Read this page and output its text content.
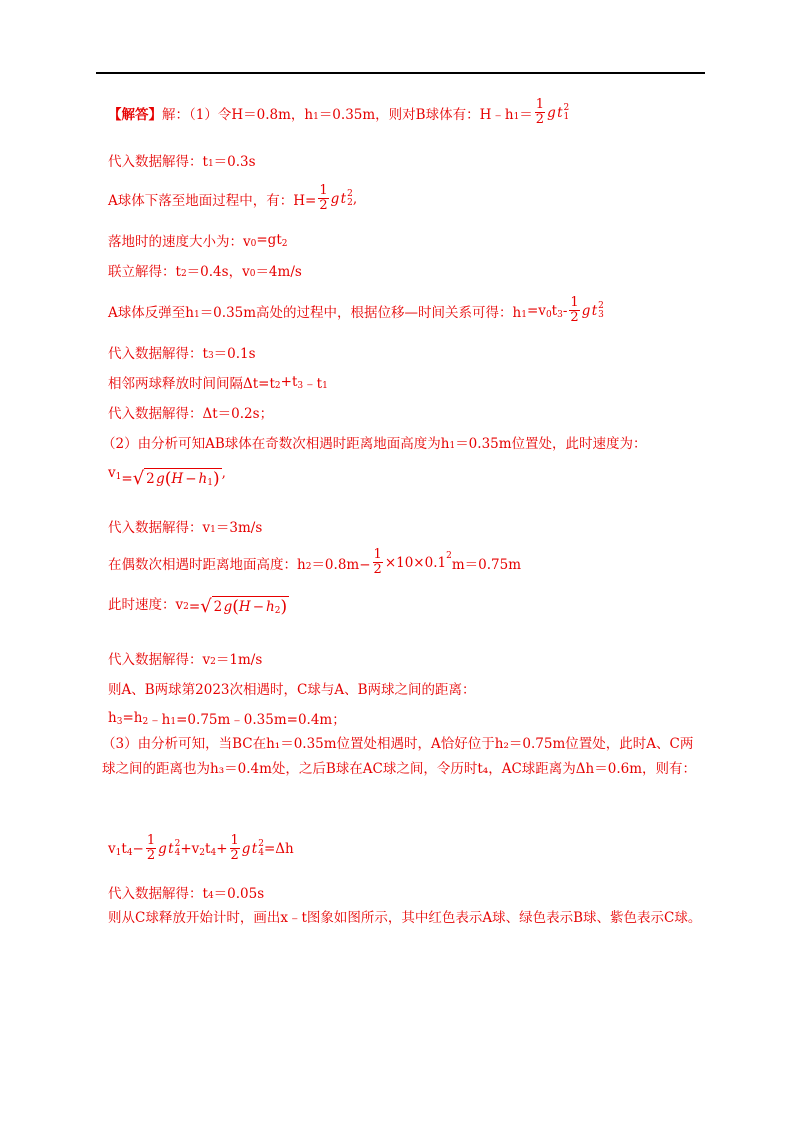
【解答】 解：（1）令H＝0.8m，h 1 ＝0.35m，则对B球体有：H﹣h $1 = \frac{1}{2}$ g
  t 2
1
代入数据解得：t 1 ＝0.3s
A球体下落至地面过程中，有：$H= \frac{1}{2}$ g
  t 2
2 ,
落地时的速度大小为：v 0 =gt 2
联立解得：t 2 ＝0.4s，v 0 ＝4m/s
A球体反弹至h 1 ＝0.35m高处的过程中，根据位移—时间关系可得：h 1 =v 0 t $3 - \frac{1}{2}$ g
  t 2
3
代入数据解得：t 3 ＝0.1s
相邻两球释放时间间隔Δt=t 2 +t 3 ﹣t 1
代入数据解得：Δt＝0.2s；
（2）由分析可知AB球体在奇数次相遇时距离地面高度为h 1 ＝0.35m位置处，此时速度为：
v 1 = √ 2
  g ( H − h 1 ) ,
代入数据解得：v 1 ＝3m/s
在偶数次相遇时距离地面高度：h $2 =0.8m- \frac{1}{2} \times 10\times 0.1$ 2
m＝0.75m
此时速度：v 2 = √ 2
  g ( H − h 2 )
代入数据解得：v 2 ＝1m/s
则A、B两球第2023次相遇时，C球与A、B两球之间的距离：
h 3 =h 2 ﹣h 1 =0.75m﹣0.35m=0.4m；
（3）由分析可知，当BC在h₁＝0.35m位置处相遇时，A恰好位于h₂＝0.75m位置处，此时A、C两球之间的距离也为h₃＝0.4m处，之后B球在AC球之间，令历时t₄，AC球距离为Δh＝0.6m，则有：
v 1 t $4 - \frac{1}{2}$ g
  t 2
4 +v 2 t $4 + \frac{1}{2}$ g
  t 2
4 =Δh
代入数据解得：t 4 ＝0.05s
则从C球释放开始计时，画出x﹣t图象如图所示，其中红色表示A球、绿色表示B球、紫色表示C球。
